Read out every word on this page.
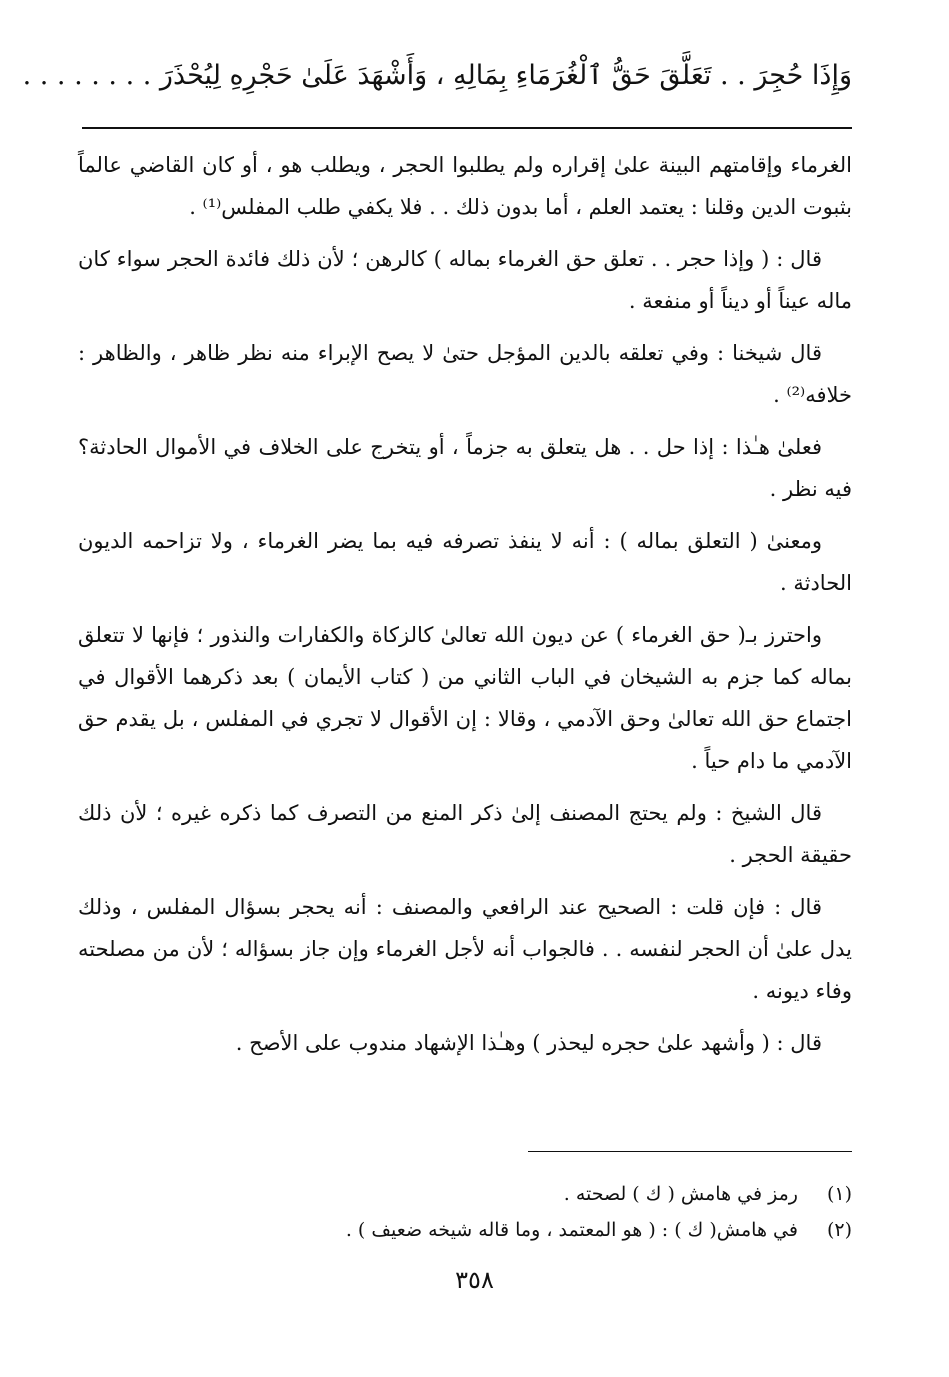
وَإِذَا حُجِرَ . . تَعَلَّقَ حَقُّ ٱلْغُرَمَاءِ بِمَالِهِ ، وَأَشْهَدَ عَلَىٰ حَجْرِهِ لِيُحْذَرَ . . . . . . . .

الغرماء وإقامتهم البينة علىٰ إقراره ولم يطلبوا الحجر ، ويطلب هو ، أو كان القاضي عالماً بثبوت الدين وقلنا : يعتمد العلم ، أما بدون ذلك . . فلا يكفي طلب المفلس⁽¹⁾ .

قال : ( وإذا حجر . . تعلق حق الغرماء بماله ) كالرهن ؛ لأن ذلك فائدة الحجر سواء كان ماله عيناً أو ديناً أو منفعة .

قال شيخنا : وفي تعلقه بالدين المؤجل حتىٰ لا يصح الإبراء منه نظر ظاهر ، والظاهر : خلافه⁽²⁾ .

فعلىٰ هـٰذا : إذا حل . . هل يتعلق به جزماً ، أو يتخرج على الخلاف في الأموال الحادثة؟ فيه نظر .

ومعنىٰ ( التعلق بماله ) : أنه لا ينفذ تصرفه فيه بما يضر الغرماء ، ولا تزاحمه الديون الحادثة .

واحترز بـ( حق الغرماء ) عن ديون الله تعالىٰ كالزكاة والكفارات والنذور ؛ فإنها لا تتعلق بماله كما جزم به الشيخان في الباب الثاني من ( كتاب الأيمان ) بعد ذكرهما الأقوال في اجتماع حق الله تعالىٰ وحق الآدمي ، وقالا : إن الأقوال لا تجري في المفلس ، بل يقدم حق الآدمي ما دام حياً .

قال الشيخ : ولم يحتج المصنف إلىٰ ذكر المنع من التصرف كما ذكره غيره ؛ لأن ذلك حقيقة الحجر .

قال : فإن قلت : الصحيح عند الرافعي والمصنف : أنه يحجر بسؤال المفلس ، وذلك يدل علىٰ أن الحجر لنفسه . . فالجواب أنه لأجل الغرماء وإن جاز بسؤاله ؛ لأن من مصلحته وفاء ديونه .

قال : ( وأشهد علىٰ حجره ليحذر ) وهـٰذا الإشهاد مندوب على الأصح .

(١) رمز في هامش ( ك ) لصحته .
(٢) في هامش( ك ) : ( هو المعتمد ، وما قاله شيخه ضعيف ) .
٣٥٨
